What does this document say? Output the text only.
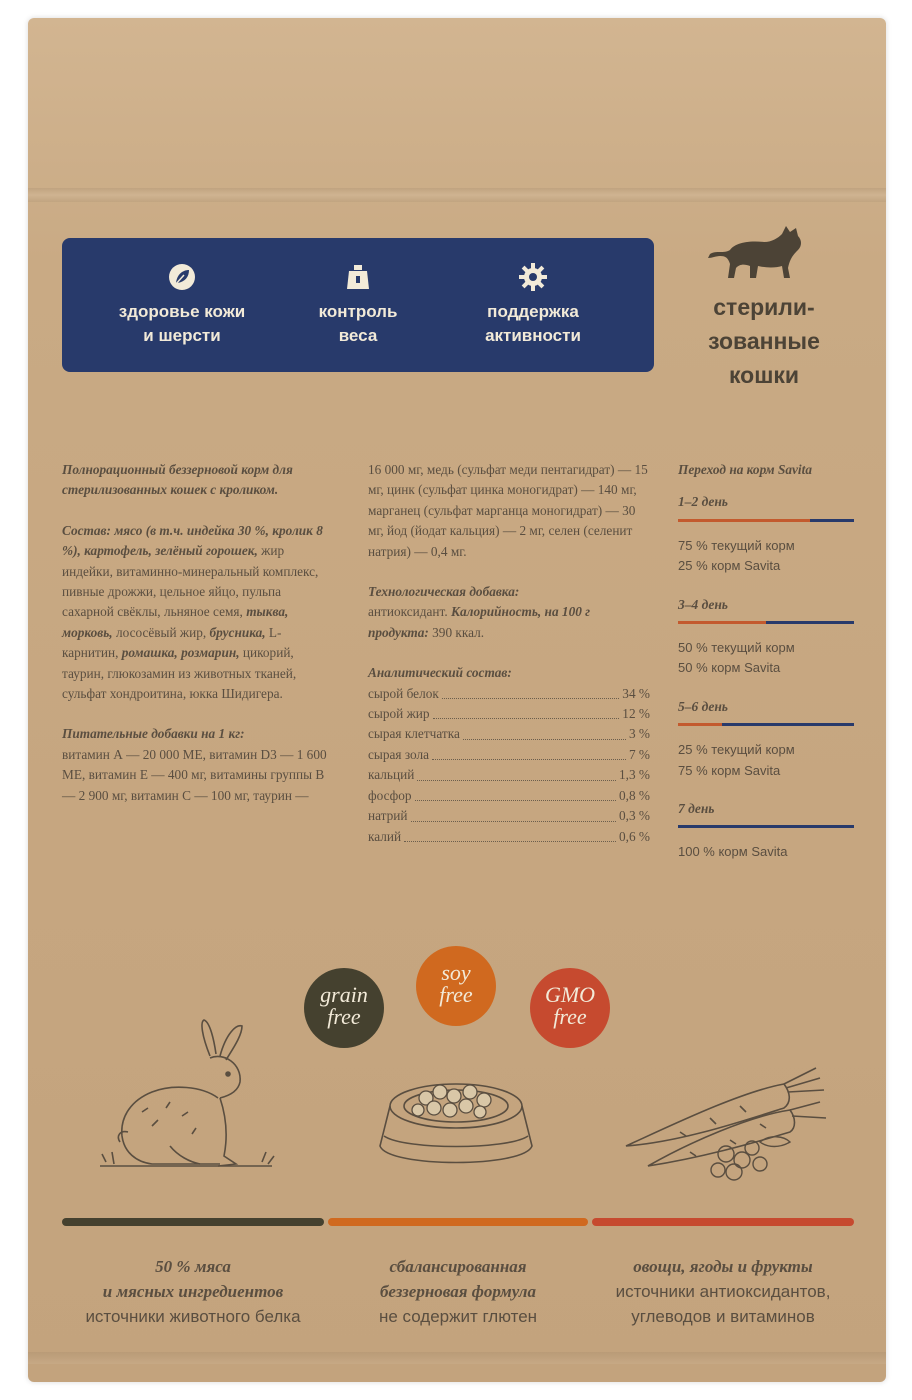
здоровье кожи
и шерсти
контроль
веса
поддержка
активности
стерили-
зованные
кошки

Полнорационный беззерновой корм для стерилизованных кошек с кроликом.

Состав: мясо (в т.ч. индейка 30 %, кролик 8 %), картофель, зелёный горошек, жир индейки, витаминно-минеральный комплекс, пивные дрожжи, цельное яйцо, пульпа сахарной свёклы, льняное семя, тыква, морковь, лососёвый жир, брусника, L-карнитин, ромашка, розмарин, цикорий, таурин, глюкозамин из животных тканей, сульфат хондроитина, юкка Шидигера.

Питательные добавки на 1 кг:
витамин А — 20 000 МЕ, витамин D3 — 1 600 МЕ, витамин Е — 400 мг, витамины группы В — 2 900 мг, витамин С — 100 мг, таурин —

16 000 мг, медь (сульфат меди пентагидрат) — 15 мг, цинк (сульфат цинка моногидрат) — 140 мг, марганец (сульфат марганца моногидрат) — 30 мг, йод (йодат кальция) — 2 мг, селен (селенит натрия) — 0,4 мг.

Технологическая добавка:
антиоксидант. Калорийность, на 100 г продукта: 390 ккал.

Аналитический состав:
сырой белок	34 %
сырой жир	12 %
сырая клетчатка	3 %
сырая зола	7 %
кальций	1,3 %
фосфор	0,8 %
натрий	0,3 %
калий	0,6 %
Переход на корм Savita
1–2 день
75 % текущий корм
25 % корм Savita
3–4 день
50 % текущий корм
50 % корм Savita
5–6 день
25 % текущий корм
75 % корм Savita
7 день
100 % корм Savita
grain
free
soy
free	GMO
free
50 % мяса
и мясных ингредиентов
источники животного белка
сбалансированная
беззерновая формула
не содержит глютен
овощи, ягоды и фрукты
источники антиоксидантов,
углеводов и витаминов
